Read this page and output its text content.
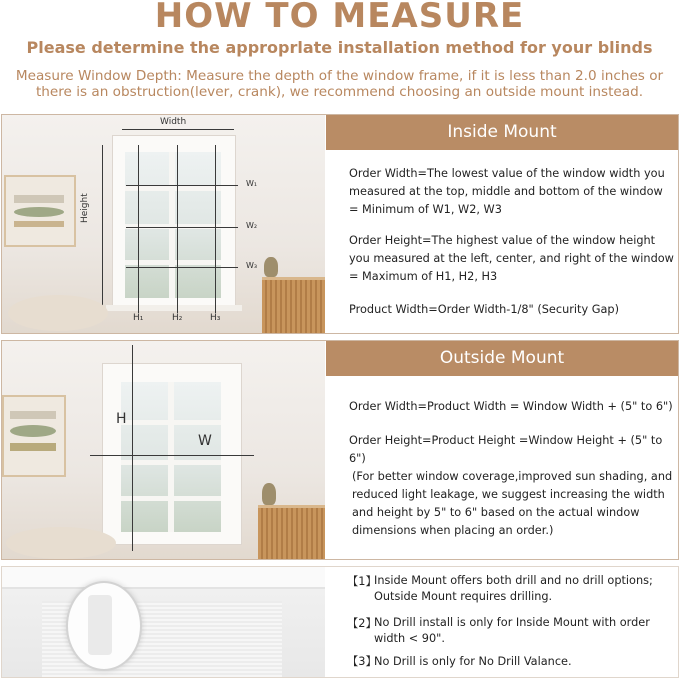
HOW TO MEASURE
Please determine the approprlate installation method for your blinds
Measure Window Depth: Measure the depth of the window frame, if it is less than 2.0 inches or there is an obstruction(lever, crank), we recommend choosing an outside mount instead.
Width
Height
W₁
W₂
W₃
H₁	H₂	H₃
Inside Mount
Order Width=The lowest value of the window width you measured at the top, middle and bottom of the window = Minimum of W1, W2, W3
Order Height=The highest value of the window height you measured at the left, center, and right of the window = Maximum of H1, H2, H3
Product Width=Order Width-1/8" (Security Gap)
H
W
Outside Mount
Order Width=Product Width = Window Width + (5" to 6")
Order Height=Product Height =Window Height + (5" to 6")
(For better window coverage,improved sun shading, and reduced light leakage, we suggest increasing the width and height by 5" to 6" based on the actual window dimensions when placing an order.)
【1】
Inside Mount offers both drill and no drill options; Outside Mount requires drilling.
【2】
No Drill install is only for Inside Mount with order width < 90".
【3】
No Drill is only for No Drill Valance.
